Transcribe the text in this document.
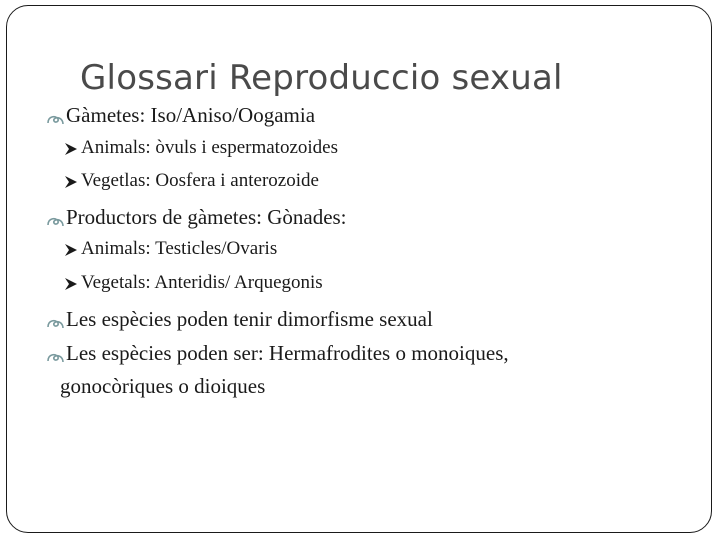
Glossari Reproduccio sexual
Gàmetes: Iso/Aniso/Oogamia
Animals: òvuls i espermatozoides
Vegetlas: Oosfera i anterozoide
Productors de gàmetes: Gònades:
Animals: Testicles/Ovaris
Vegetals: Anteridis/ Arquegonis
Les espècies poden tenir dimorfisme sexual
Les espècies poden ser: Hermafrodites o monoiques,
gonocòriques o dioiques
